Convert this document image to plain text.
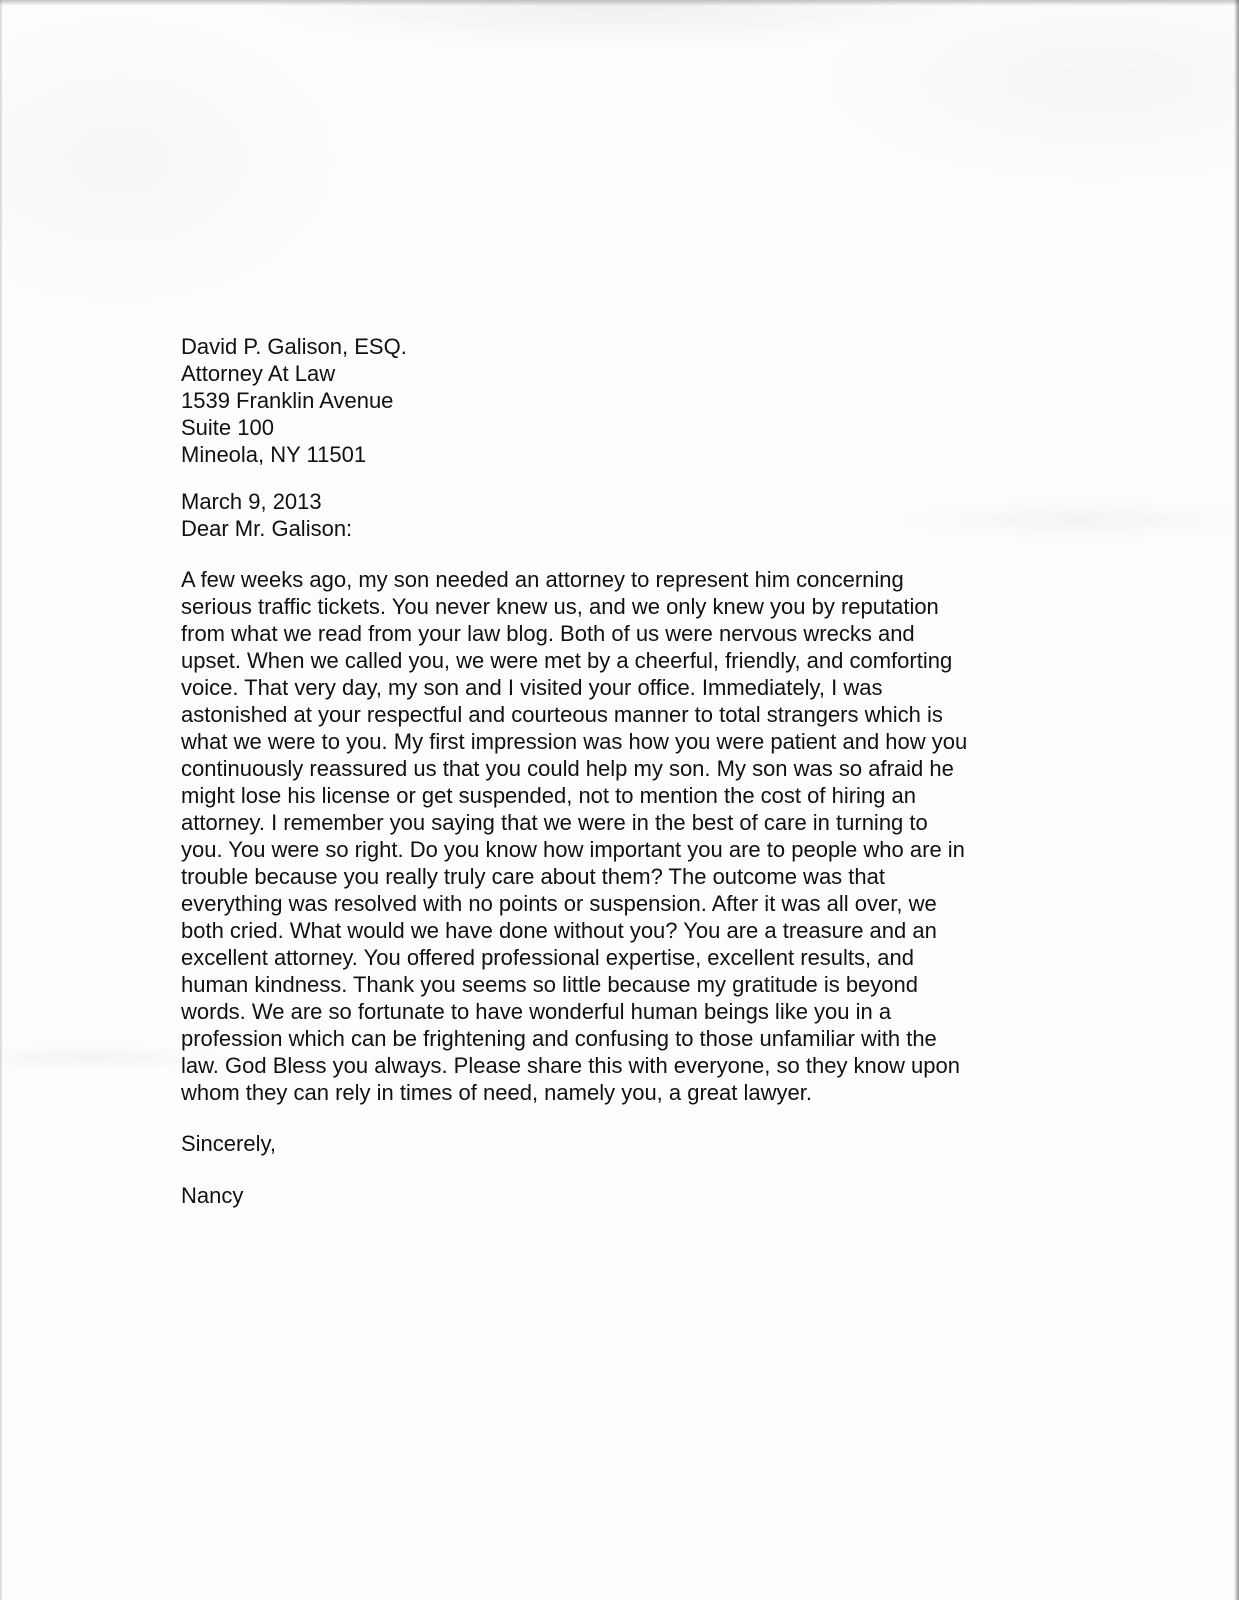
David P. Galison, ESQ.
Attorney At Law
1539 Franklin Avenue
Suite 100
Mineola, NY 11501
March 9, 2013
Dear Mr. Galison:
A few weeks ago, my son needed an attorney to represent him concerning
serious traffic tickets. You never knew us, and we only knew you by reputation
from what we read from your law blog. Both of us were nervous wrecks and
upset. When we called you, we were met by a cheerful, friendly, and comforting
voice. That very day, my son and I visited your office. Immediately, I was
astonished at your respectful and courteous manner to total strangers which is
what we were to you. My first impression was how you were patient and how you
continuously reassured us that you could help my son. My son was so afraid he
might lose his license or get suspended, not to mention the cost of hiring an
attorney. I remember you saying that we were in the best of care in turning to
you. You were so right. Do you know how important you are to people who are in
trouble because you really truly care about them? The outcome was that
everything was resolved with no points or suspension. After it was all over, we
both cried. What would we have done without you? You are a treasure and an
excellent attorney. You offered professional expertise, excellent results, and
human kindness. Thank you seems so little because my gratitude is beyond
words. We are so fortunate to have wonderful human beings like you in a
profession which can be frightening and confusing to those unfamiliar with the
law. God Bless you always. Please share this with everyone, so they know upon
whom they can rely in times of need, namely you, a great lawyer.
Sincerely,
Nancy
